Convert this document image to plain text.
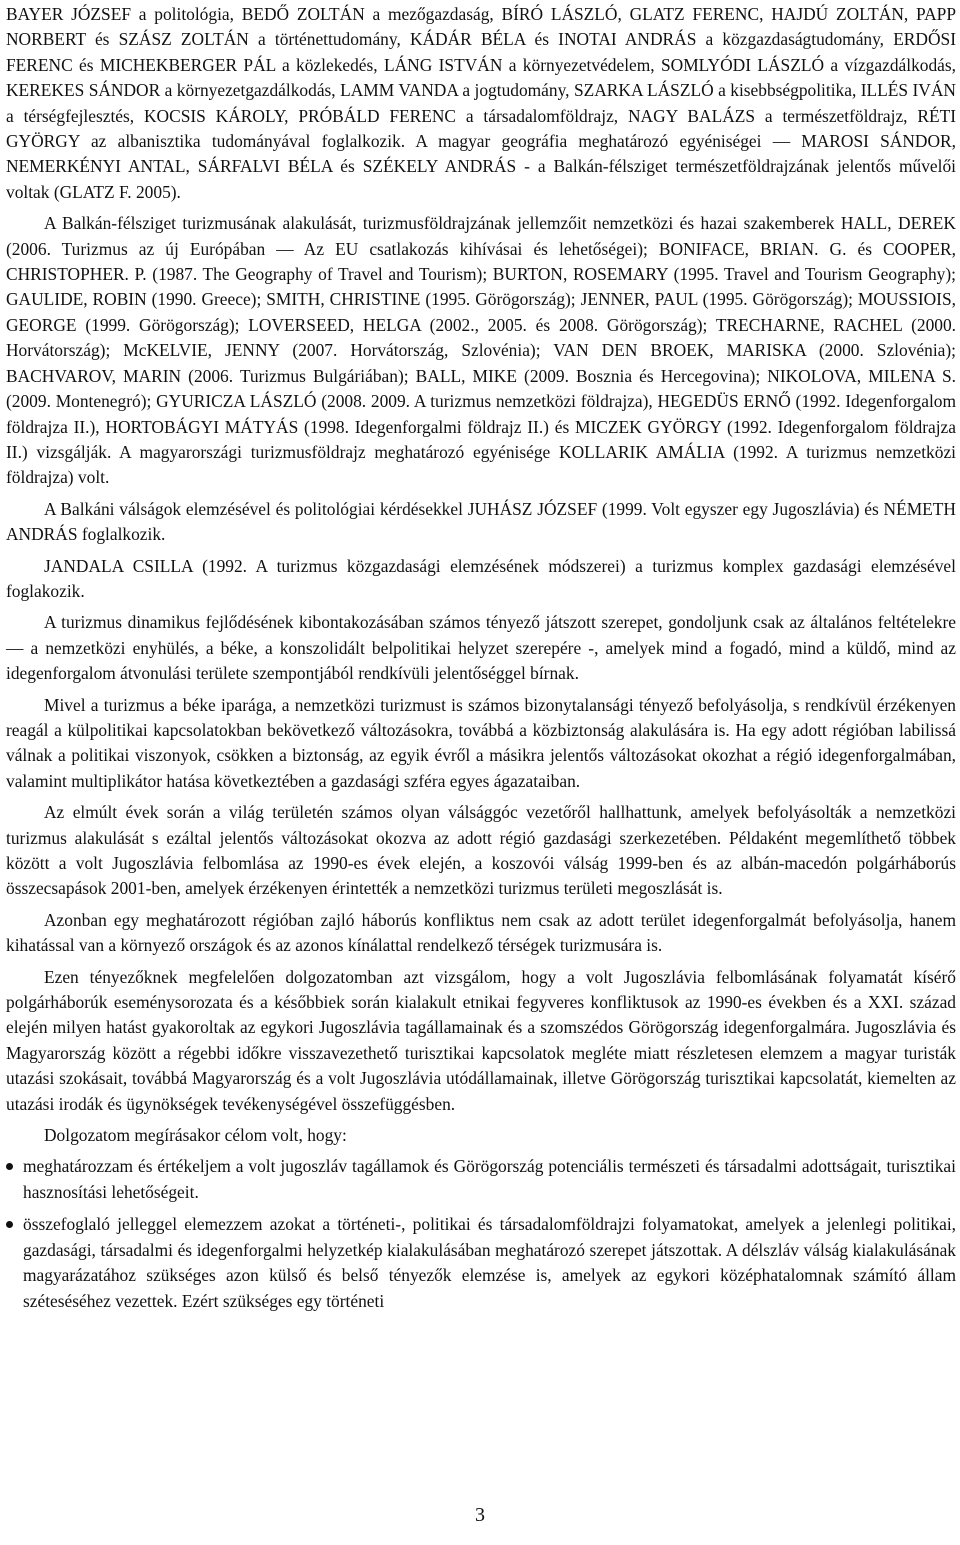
BAYER JÓZSEF a politológia, BEDŐ ZOLTÁN a mezőgazdaság, BÍRÓ LÁSZLÓ, GLATZ FERENC, HAJDÚ ZOLTÁN, PAPP NORBERT és SZÁSZ ZOLTÁN a történettudomány, KÁDÁR BÉLA és INOTAI ANDRÁS a közgazdaságtudomány, ERDŐSI FERENC és MICHEKBERGER PÁL a közlekedés, LÁNG ISTVÁN a környezetvédelem, SOMLYÓDI LÁSZLÓ a vízgazdálkodás, KEREKES SÁNDOR a környezetgazdálkodás, LAMM VANDA a jogtudomány, SZARKA LÁSZLÓ a kisebbségpolitika, ILLÉS IVÁN a térségfejlesztés, KOCSIS KÁROLY, PRÓBÁLD FERENC a társadalomföldrajz, NAGY BALÁZS a természetföldrajz, RÉTI GYÖRGY az albanisztika tudományával foglalkozik. A magyar geográfia meghatározó egyéniségei ― MAROSI SÁNDOR, NEMERKÉNYI ANTAL, SÁRFALVI BÉLA és SZÉKELY ANDRÁS - a Balkán-félsziget természetföldrajzának jelentős művelői voltak (GLATZ F. 2005).

A Balkán-félsziget turizmusának alakulását, turizmusföldrajzának jellemzőit nemzetközi és hazai szakemberek HALL, DEREK (2006. Turizmus az új Európában ― Az EU csatlakozás kihívásai és lehetőségei); BONIFACE, BRIAN. G. és COOPER, CHRISTOPHER. P. (1987. The Geography of Travel and Tourism); BURTON, ROSEMARY (1995. Travel and Tourism Geography); GAULIDE, ROBIN (1990. Greece); SMITH, CHRISTINE (1995. Görögország); JENNER, PAUL (1995. Görögország); MOUSSIOIS, GEORGE (1999. Görögország); LOVERSEED, HELGA (2002., 2005. és 2008. Görögország); TRECHARNE, RACHEL (2000. Horvátország); McKELVIE, JENNY (2007. Horvátország, Szlovénia); VAN DEN BROEK, MARISKA (2000. Szlovénia); BACHVAROV, MARIN (2006. Turizmus Bulgáriában); BALL, MIKE (2009. Bosznia és Hercegovina); NIKOLOVA, MILENA S. (2009. Montenegró); GYURICZA LÁSZLÓ (2008. 2009. A turizmus nemzetközi földrajza), HEGEDÜS ERNŐ (1992. Idegenforgalom földrajza II.), HORTOBÁGYI MÁTYÁS (1998. Idegenforgalmi földrajz II.) és MICZEK GYÖRGY (1992. Idegenforgalom földrajza II.) vizsgálják. A magyarországi turizmusföldrajz meghatározó egyénisége KOLLARIK AMÁLIA (1992. A turizmus nemzetközi földrajza) volt.

A Balkáni válságok elemzésével és politológiai kérdésekkel JUHÁSZ JÓZSEF (1999. Volt egyszer egy Jugoszlávia) és NÉMETH ANDRÁS foglalkozik.

JANDALA CSILLA (1992. A turizmus közgazdasági elemzésének módszerei) a turizmus komplex gazdasági elemzésével foglakozik.

A turizmus dinamikus fejlődésének kibontakozásában számos tényező játszott szerepet, gondoljunk csak az általános feltételekre ― a nemzetközi enyhülés, a béke, a konszolidált belpolitikai helyzet szerepére -, amelyek mind a fogadó, mind a küldő, mind az idegenforgalom átvonulási területe szempontjából rendkívüli jelentőséggel bírnak.

Mivel a turizmus a béke iparága, a nemzetközi turizmust is számos bizonytalansági tényező befolyásolja, s rendkívül érzékenyen reagál a külpolitikai kapcsolatokban bekövetkező változásokra, továbbá a közbiztonság alakulására is. Ha egy adott régióban labilissá válnak a politikai viszonyok, csökken a biztonság, az egyik évről a másikra jelentős változásokat okozhat a régió idegenforgalmában, valamint multiplikátor hatása következtében a gazdasági szféra egyes ágazataiban.

Az elmúlt évek során a világ területén számos olyan válsággóc vezetőről hallhattunk, amelyek befolyásolták a nemzetközi turizmus alakulását s ezáltal jelentős változásokat okozva az adott régió gazdasági szerkezetében. Példaként megemlíthető többek között a volt Jugoszlávia felbomlása az 1990-es évek elején, a koszovói válság 1999-ben és az albán-macedón polgárháborús összecsapások 2001-ben, amelyek érzékenyen érintették a nemzetközi turizmus területi megoszlását is.

Azonban egy meghatározott régióban zajló háborús konfliktus nem csak az adott terület idegenforgalmát befolyásolja, hanem kihatással van a környező országok és az azonos kínálattal rendelkező térségek turizmusára is.

Ezen tényezőknek megfelelően dolgozatomban azt vizsgálom, hogy a volt Jugoszlávia felbomlásának folyamatát kísérő polgárháborúk eseménysorozata és a későbbiek során kialakult etnikai fegyveres konfliktusok az 1990-es években és a XXI. század elején milyen hatást gyakoroltak az egykori Jugoszlávia tagállamainak és a szomszédos Görögország idegenforgalmára. Jugoszlávia és Magyarország között a régebbi időkre visszavezethető turisztikai kapcsolatok megléte miatt részletesen elemzem a magyar turisták utazási szokásait, továbbá Magyarország és a volt Jugoszlávia utódállamainak, illetve Görögország turisztikai kapcsolatát, kiemelten az utazási irodák és ügynökségek tevékenységével összefüggésben.

Dolgozatom megírásakor célom volt, hogy:

meghatározzam és értékeljem a volt jugoszláv tagállamok és Görögország potenciális természeti és társadalmi adottságait, turisztikai hasznosítási lehetőségeit.
összefoglaló jelleggel elemezzem azokat a történeti-, politikai és társadalomföldrajzi folyamatokat, amelyek a jelenlegi politikai, gazdasági, társadalmi és idegenforgalmi helyzetkép kialakulásában meghatározó szerepet játszottak. A délszláv válság kialakulásának magyarázatához szükséges azon külső és belső tényezők elemzése is, amelyek az egykori középhatalomnak számító állam széteséséhez vezettek. Ezért szükséges egy történeti
3
